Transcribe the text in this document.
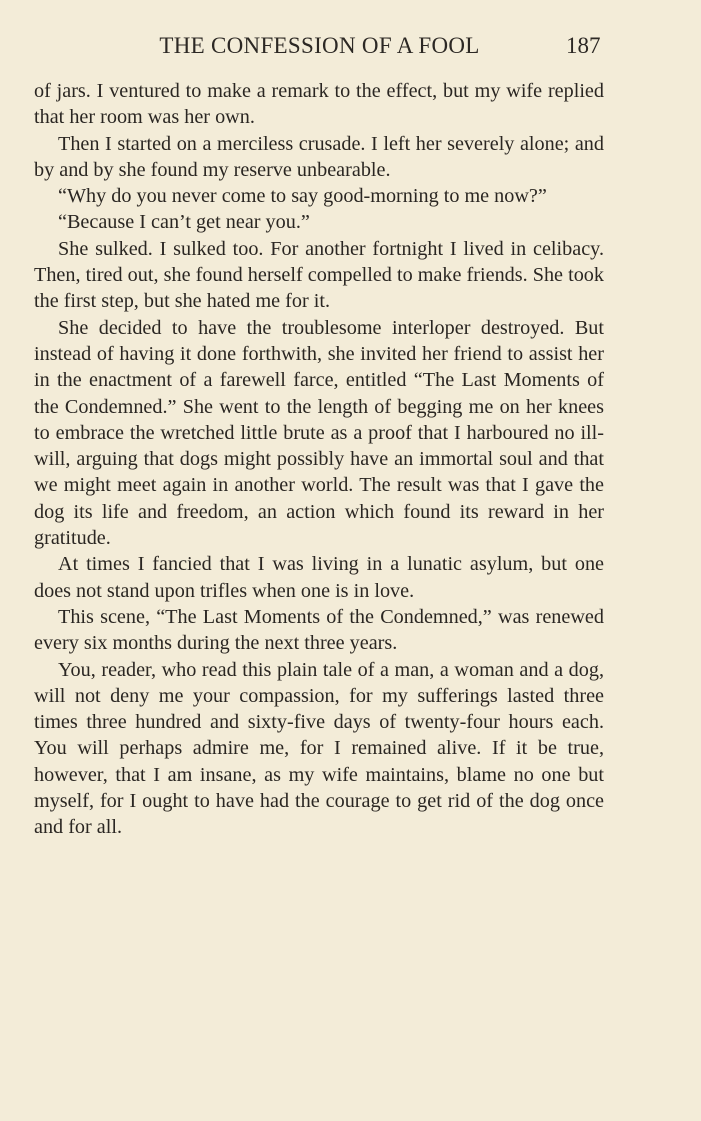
THE CONFESSION OF A FOOL	187

of jars. I ventured to make a remark to the effect, but my wife replied that her room was her own.

Then I started on a merciless crusade. I left her severely alone; and by and by she found my reserve unbearable.

“Why do you never come to say good-morning to me now?”

“Because I can’t get near you.”

She sulked. I sulked too. For another fortnight I lived in celibacy. Then, tired out, she found herself compelled to make friends. She took the first step, but she hated me for it.

She decided to have the troublesome interloper destroyed. But instead of having it done forthwith, she invited her friend to assist her in the enactment of a farewell farce, entitled “The Last Moments of the Condemned.” She went to the length of begging me on her knees to embrace the wretched little brute as a proof that I harboured no ill-will, arguing that dogs might possibly have an immortal soul and that we might meet again in another world. The result was that I gave the dog its life and freedom, an action which found its reward in her gratitude.

At times I fancied that I was living in a lunatic asylum, but one does not stand upon trifles when one is in love.

This scene, “The Last Moments of the Condemned,” was renewed every six months during the next three years.

You, reader, who read this plain tale of a man, a woman and a dog, will not deny me your compassion, for my sufferings lasted three times three hundred and sixty-five days of twenty-four hours each. You will perhaps admire me, for I remained alive. If it be true, however, that I am insane, as my wife maintains, blame no one but myself, for I ought to have had the courage to get rid of the dog once and for all.
